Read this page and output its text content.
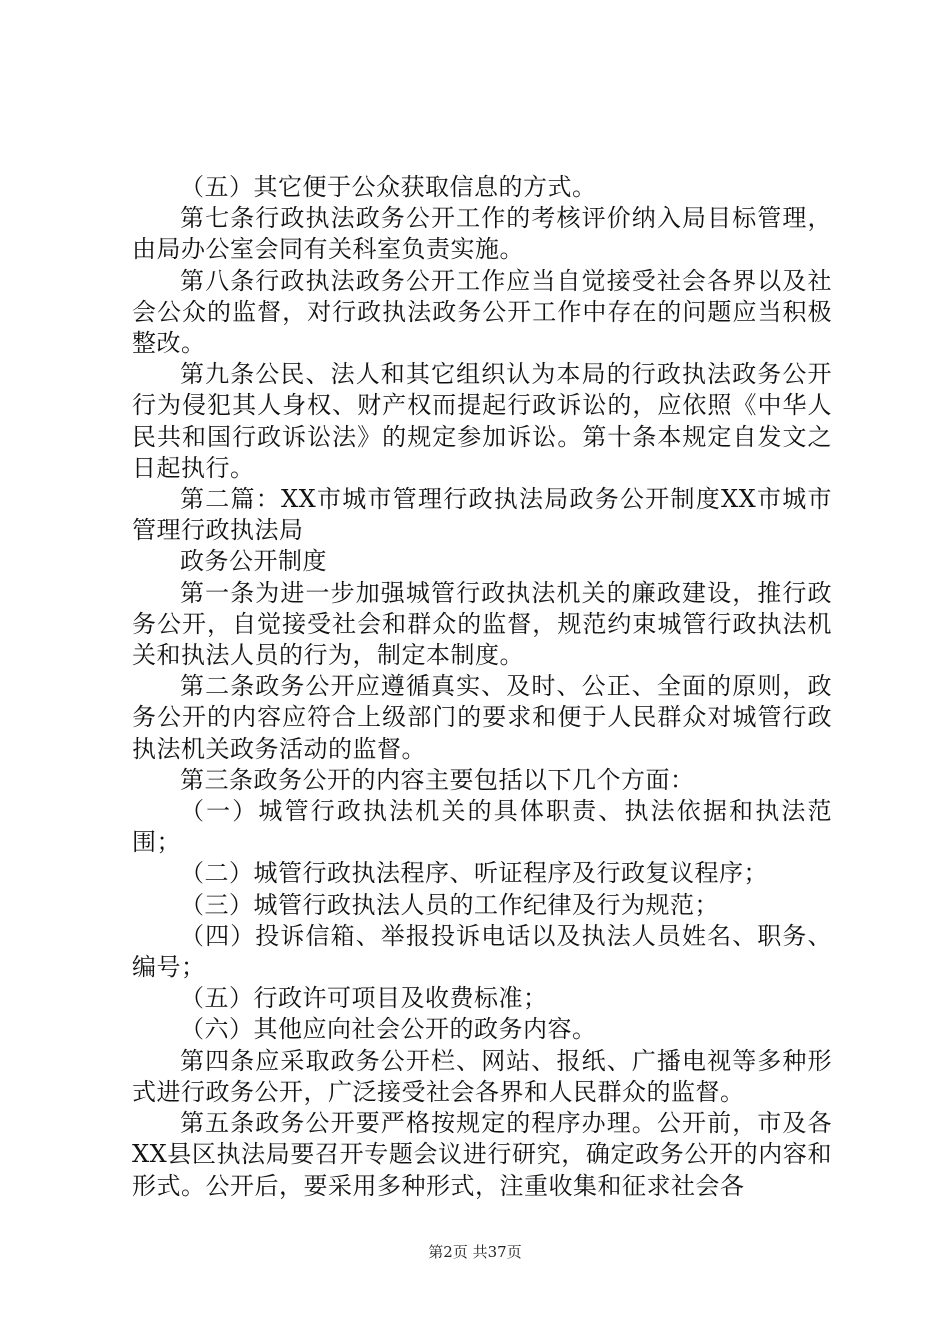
（五）其它便于公众获取信息的方式。

第七条行政执法政务公开工作的考核评价纳入局目标管理，由局办公室会同有关科室负责实施。

第八条行政执法政务公开工作应当自觉接受社会各界以及社会公众的监督，对行政执法政务公开工作中存在的问题应当积极整改。

第九条公民、法人和其它组织认为本局的行政执法政务公开行为侵犯其人身权、财产权而提起行政诉讼的，应依照《中华人民共和国行政诉讼法》的规定参加诉讼。第十条本规定自发文之日起执行。

第二篇：XX市城市管理行政执法局政务公开制度XX市城市管理行政执法局

政务公开制度

第一条为进一步加强城管行政执法机关的廉政建设，推行政务公开，自觉接受社会和群众的监督，规范约束城管行政执法机关和执法人员的行为，制定本制度。

第二条政务公开应遵循真实、及时、公正、全面的原则，政务公开的内容应符合上级部门的要求和便于人民群众对城管行政执法机关政务活动的监督。

第三条政务公开的内容主要包括以下几个方面：

（一）城管行政执法机关的具体职责、执法依据和执法范围；

（二）城管行政执法程序、听证程序及行政复议程序；

（三）城管行政执法人员的工作纪律及行为规范；

（四）投诉信箱、举报投诉电话以及执法人员姓名、职务、编号；

（五）行政许可项目及收费标准；

（六）其他应向社会公开的政务内容。

第四条应采取政务公开栏、网站、报纸、广播电视等多种形式进行政务公开，广泛接受社会各界和人民群众的监督。

第五条政务公开要严格按规定的程序办理。公开前，市及各XX县区执法局要召开专题会议进行研究，确定政务公开的内容和形式。公开后，要采用多种形式，注重收集和征求社会各

第2页 共37页
